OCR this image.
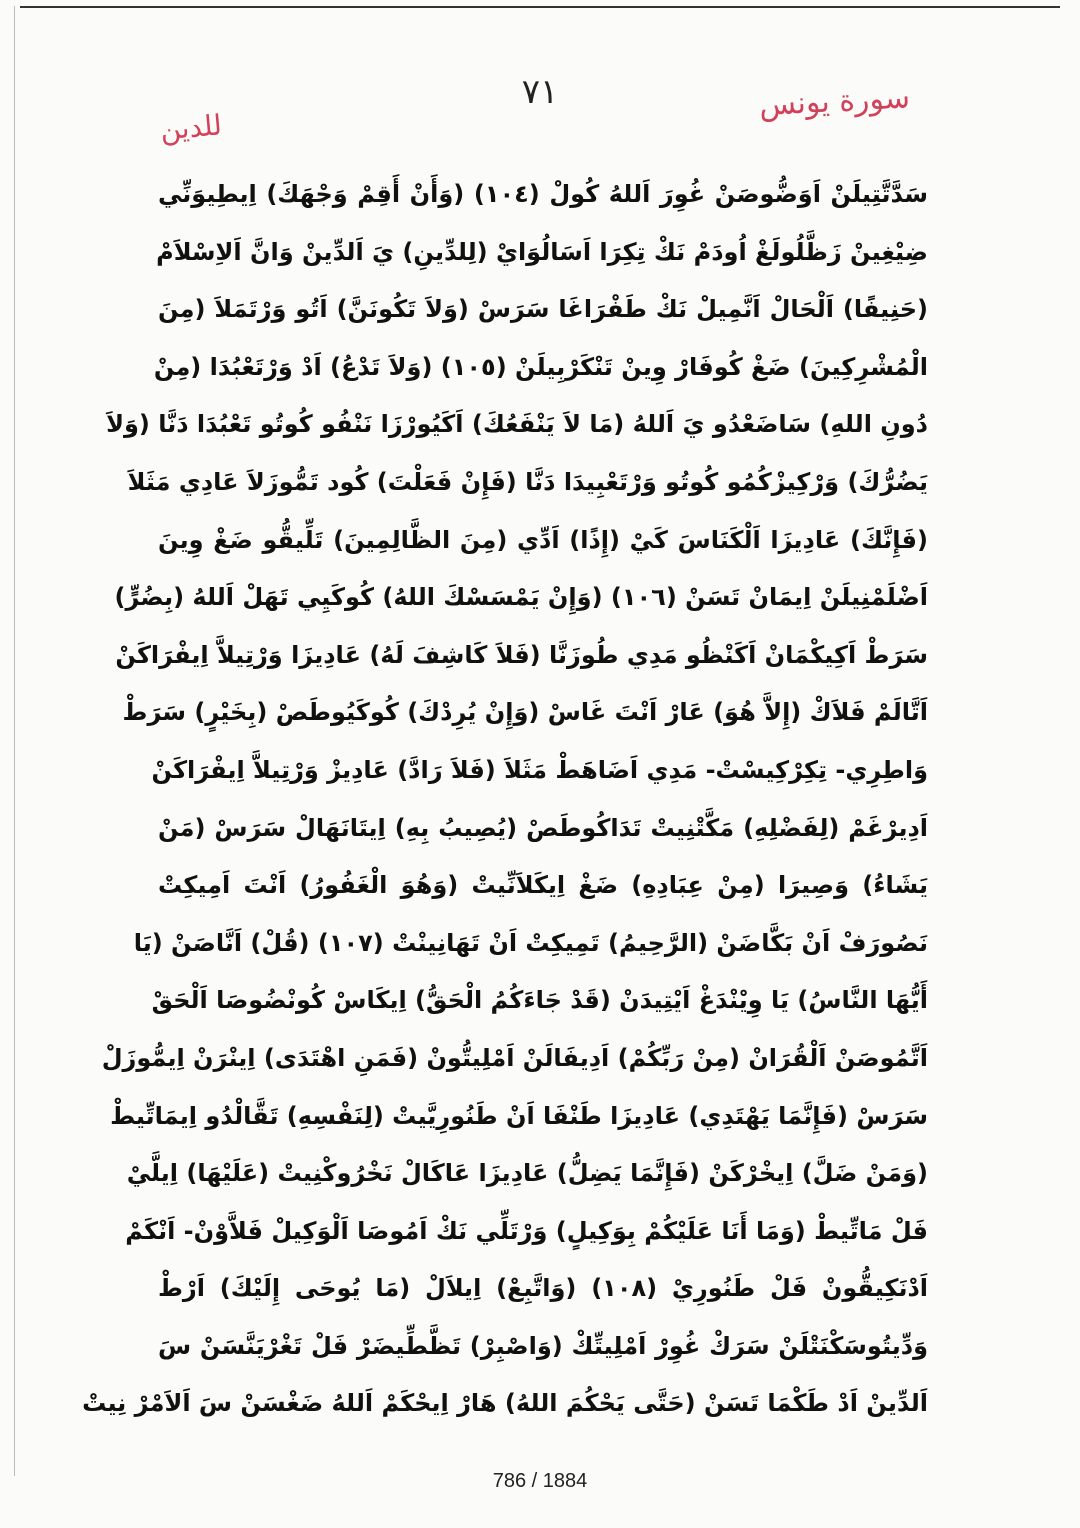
للدين
٧١	سورة يونس
سَدَّتَّتِيلَنْ اَوَضُّوصَنْ غُوِرَ اَللهُ كُولْ (١٠٤) (وَأَنْ أَقِمْ وَجْهَكَ) اِيطِيوَنِّي
ضِيْغِينْ زَظَّلُولَغْ اُودَمْ نَكْ تِكِرَا اَسَالُوَايْ (لِلدِّينِ) يَ اَلدِّينْ وَانَّ اَلاِسْلاَمْ
(حَنِيفًا) اَلْحَالْ اَنَّمِيلْ نَكْ طَفْرَاغَا سَرَسْ (وَلاَ تَكُونَنَّ) اَتُو وَرْتَمَلاَ (مِنَ
الْمُشْرِكِينَ) ضَغْ كُوفَارْ وِينْ تَنْكَرْبِيلَنْ (١٠٥) (وَلاَ تَدْعُ) اَدْ وَرْتَعْبُدَا (مِنْ
دُونِ اللهِ) سَاضَعْدُو يَ اَللهُ (مَا لاَ يَنْفَعُكَ) اَكَيُورْزَا نَنْفُو كُوتُو تَعْبُدَا دَنَّا (وَلاَ
يَضُرُّكَ) وَرْكِيزْكُمُو كُوتُو وَرْتَعْبِيدَا دَنَّا (فَإِنْ فَعَلْتَ) كُود تَمُّوزَلاَ عَادِي مَثَلاَ
(فَإِنَّكَ) عَادِيزَا اَلْكَنَاسَ كَيْ (إِذًا) اَدِّي (مِنَ الظَّالِمِينَ) تَلِّيقُّو ضَغْ وِينَ
اَضْلَمْنِيلَنْ اِيمَانْ تَسَنْ (١٠٦) (وَإِنْ يَمْسَسْكَ اللهُ) كُوكَيِي تَهَلْ اَللهُ (بِضُرٍّ)
سَرَطْ اَكِيكْمَانْ اَكَنْظُو مَدِي طُوزَنَّا (فَلاَ كَاشِفَ لَهُ) عَادِيزَا وَرْتِيلاَّ اِيفْرَاكَنْ
اَتَّالَمْ فَلاَكْ (إِلاَّ هُوَ) عَارْ اَنْتَ غَاسْ (وَإِنْ يُرِدْكَ) كُوكَيُوطَصْ (بِخَيْرٍ) سَرَطْ
وَاطِرِي- تِكِرْكِيسْتْ- مَدِي اَضَاهَطْ مَثَلاَ (فَلاَ رَادَّ) عَادِيزْ وَرْتِيلاَّ اِيفْرَاكَنْ
اَدِيرْغَمْ (لِفَضْلِهِ) مَكَّتْنِيتْ تَدَاكُوطَصْ (يُصِيبُ بِهِ) اِيتَانَهَالْ سَرَسْ (مَنْ
يَشَاءُ) وَصِيرَا (مِنْ عِبَادِهِ) ضَغْ اِيكَلاَنِّيتْ (وَهُوَ الْغَفُورُ) اَنْتَ اَمِيكِتْ
نَصُورَفْ اَنْ بَكَّاضَنْ (الرَّحِيمُ) تَمِيكِتْ اَنْ تَهَانِينْتْ (١٠٧) (قُلْ) اَنَّاصَنْ (يَا
أَيُّهَا النَّاسُ) يَا وِيْنْدَغْ اَيْتِيدَنْ (قَدْ جَاءَكُمُ الْحَقُّ) اِيكَاسْ كُونْضُوصَا اَلْحَقْ
اَتَّمُوصَنْ اَلْقُرَانْ (مِنْ رَبِّكُمْ) اَدِيفَالَنْ اَمْلِيتُّونْ (فَمَنِ اهْتَدَى) اِينْرَنْ اِيمُّوزَلْ
سَرَسْ (فَإِنَّمَا يَهْتَدِي) عَادِيزَا طَنْفَا اَنْ طَنُورِيَّيتْ (لِنَفْسِهِ) تَقَّالْدُو اِيمَاتِّيطْ
(وَمَنْ ضَلَّ) اِيخْرْكَنْ (فَإِنَّمَا يَضِلُّ) عَادِيزَا عَاكَالْ نَخْرُوكْنِيتْ (عَلَيْهَا) اِيلَّيْ
فَلْ مَاتِّيطْ (وَمَا أَنَا عَلَيْكُمْ بِوَكِيلٍ) وَرْتَلِّي نَكْ اَمُوصَا اَلْوَكِيلْ فَلاَّوْنْ- اَنْكَمْ
اَدْنَكِيقُّونْ فَلْ طَنُورِيْ (١٠٨) (وَاتَّبِعْ) اِيلاَلْ (مَا يُوحَى إِلَيْكَ) اَرْطْ
وَدِّيتُوسَكْنَتْلَنْ سَرَكْ غُوِرْ اَمْلِيتِّكْ (وَاصْبِرْ) تَظَّطِّيضَرْ فَلْ تَغْرْيَنَّسَنْ سَ
اَلدِّينْ اَدْ طَكْمَا تَسَنْ (حَتَّى يَحْكُمَ اللهُ) هَارْ اِيحْكَمْ اَللهُ ضَغْسَنْ سَ اَلاَمْرْ نِيتْ
786 / 1884
